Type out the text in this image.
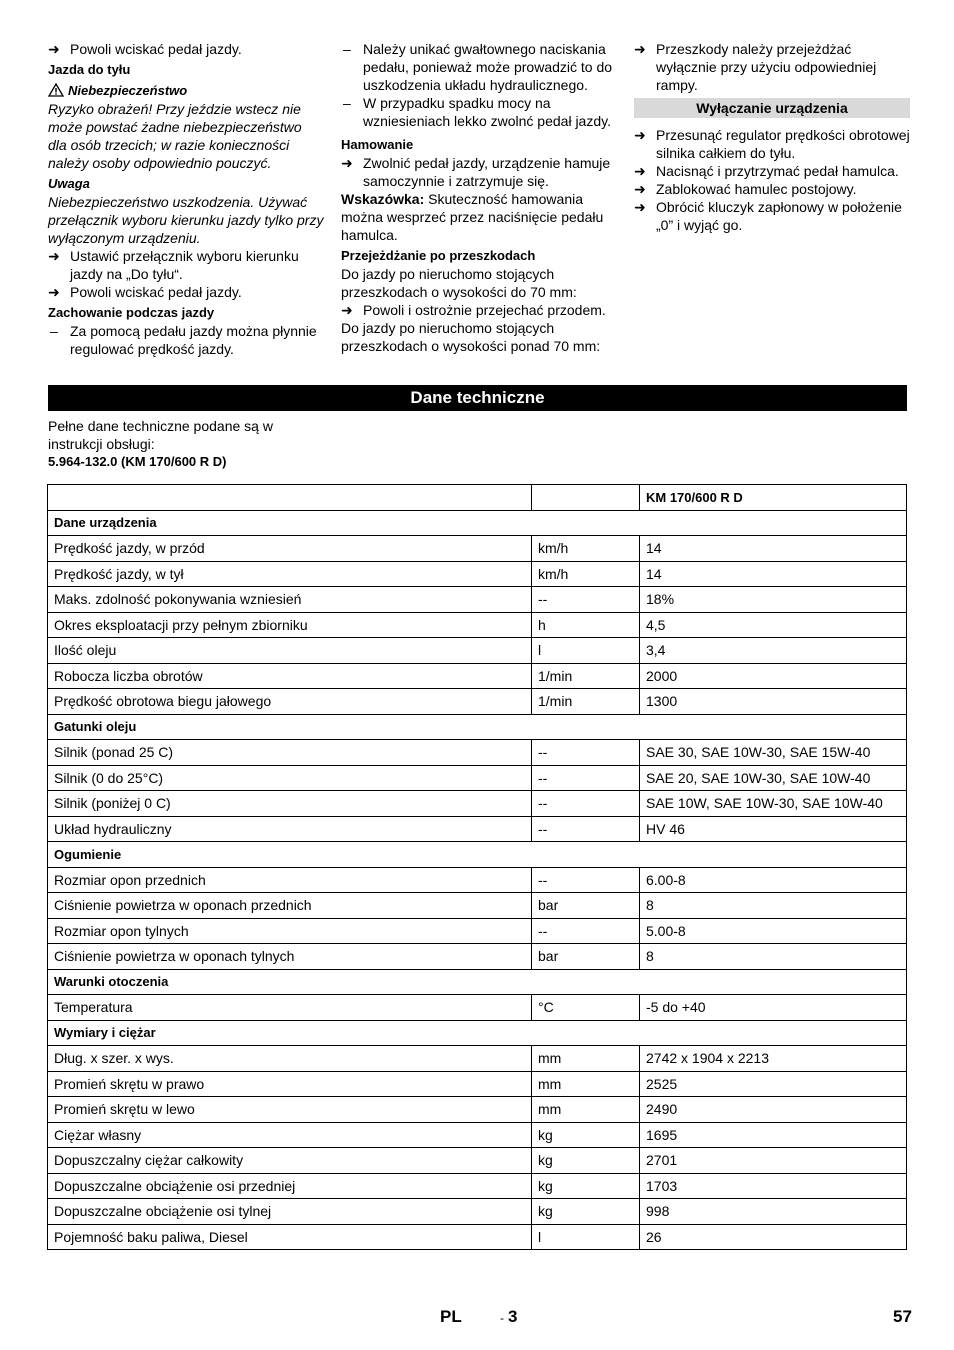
➜ Powoli wciskać pedał jazdy.

Jazda do tyłu
Niebezpieczeństwo

Ryzyko obrażeń! Przy jeździe wstecz nie może powstać żadne niebezpieczeństwo dla osób trzecich; w razie konieczności należy osoby odpowiednio pouczyć.

Uwaga

Niebezpieczeństwo uszkodzenia. Używać przełącznik wyboru kierunku jazdy tylko przy wyłączonym urządzeniu.

➜ Ustawić przełącznik wyboru kierunku jazdy na „Do tyłu“.

➜ Powoli wciskać pedał jazdy.

Zachowanie podczas jazdy

– Za pomocą pedału jazdy można płynnie regulować prędkość jazdy.

– Należy unikać gwałtownego naciskania pedału, ponieważ może prowadzić to do uszkodzenia układu hydraulicznego.

– W przypadku spadku mocy na wzniesieniach lekko zwolnć pedał jazdy.

Hamowanie

➜ Zwolnić pedał jazdy, urządzenie hamuje samoczynnie i zatrzymuje się.

Wskazówka: Skuteczność hamowania można wesprzeć przez naciśnięcie pedału hamulca.

Przejeżdżanie po przeszkodach

Do jazdy po nieruchomo stojących przeszkodach o wysokości do 70 mm:

➜ Powoli i ostrożnie przejechać przodem.

Do jazdy po nieruchomo stojących przeszkodach o wysokości ponad 70 mm:

➜ Przeszkody należy przejeżdżać wyłącznie przy użyciu odpowiedniej rampy.

Wyłączanie urządzenia

➜ Przesunąć regulator prędkości obrotowej silnika całkiem do tyłu.

➜ Nacisnąć i przytrzymać pedał hamulca.

➜ Zablokować hamulec postojowy.

➜ Obrócić kluczyk zapłonowy w położenie „0” i wyjąć go.

Dane techniczne
Pełne dane techniczne podane są w instrukcji obsługi:
5.964-132.0 (KM 170/600 R D)
		KM 170/600 R D
Dane urządzenia		
Prędkość jazdy, w przód	km/h	14
Prędkość jazdy, w tył	km/h	14
Maks. zdolność pokonywania wzniesień	--	18%
Okres eksploatacji przy pełnym zbiorniku	h	4,5
Ilość oleju	l	3,4
Robocza liczba obrotów	1/min	2000
Prędkość obrotowa biegu jałowego	1/min	1300
Gatunki oleju		
Silnik (ponad 25 C)	--	SAE 30, SAE 10W-30, SAE 15W-40
Silnik (0 do 25°C)	--	SAE 20, SAE 10W-30, SAE 10W-40
Silnik (poniżej 0 C)	--	SAE 10W, SAE 10W-30, SAE 10W-40
Układ hydrauliczny	--	HV 46
Ogumienie		
Rozmiar opon przednich	--	6.00-8
Ciśnienie powietrza w oponach przednich	bar	8
Rozmiar opon tylnych	--	5.00-8
Ciśnienie powietrza w oponach tylnych	bar	8
Warunki otoczenia		
Temperatura	°C	-5 do +40
Wymiary i ciężar		
Dług. x szer. x wys.	mm	2742 x 1904 x 2213
Promień skrętu w prawo	mm	2525
Promień skrętu w lewo	mm	2490
Ciężar własny	kg	1695
Dopuszczalny ciężar całkowity	kg	2701
Dopuszczalne obciążenie osi przedniej	kg	1703
Dopuszczalne obciążenie osi tylnej	kg	998
Pojemność baku paliwa, Diesel	l	26
PL	- 3	57
